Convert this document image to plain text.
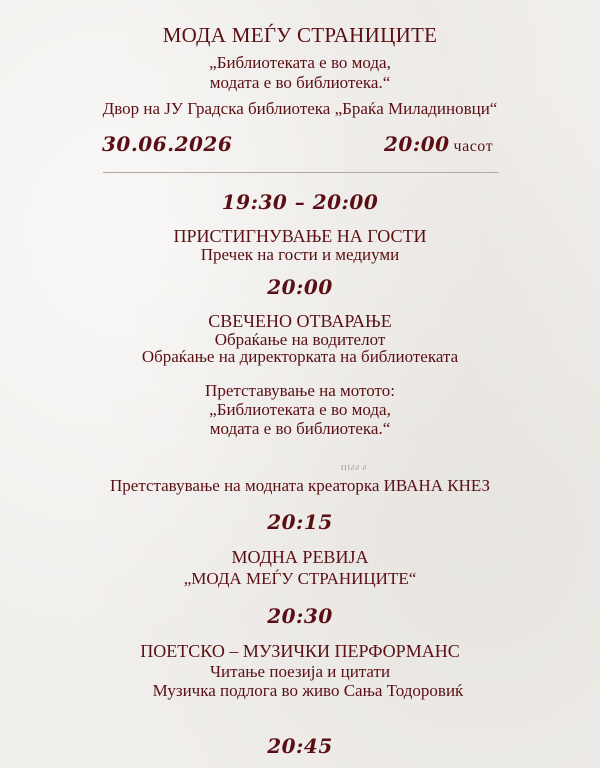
МОДА МЕЃУ СТРАНИЦИТЕ
„Библиотеката е во мода,
модата е во библиотека.“
Двор на ЈУ Градска библиотека „Браќа Миладиновци“
30.06.2026	20:00 часот
19:30 – 20:00
ПРИСТИГНУВАЊЕ НА ГОСТИ
Пречек на гости и медиуми
20:00
СВЕЧЕНО ОТВАРАЊЕ
Обраќање на водителот
Обраќање на директорката на библиотеката
Претставување на мотото:
„Библиотеката е во мода,
модата е во библиотека.“
ΙΙΙ∂∂ ∂
Претставување на модната креаторка ИВАНА КНЕЗ
20:15
МОДНА РЕВИЈА
„МОДА МЕЃУ СТРАНИЦИТЕ“
20:30
ПОЕТСКО – МУЗИЧКИ ПЕРФОРМАНС
Читање поезија и цитати
Музичка подлога во живо Сања Тодоровиќ
20:45
